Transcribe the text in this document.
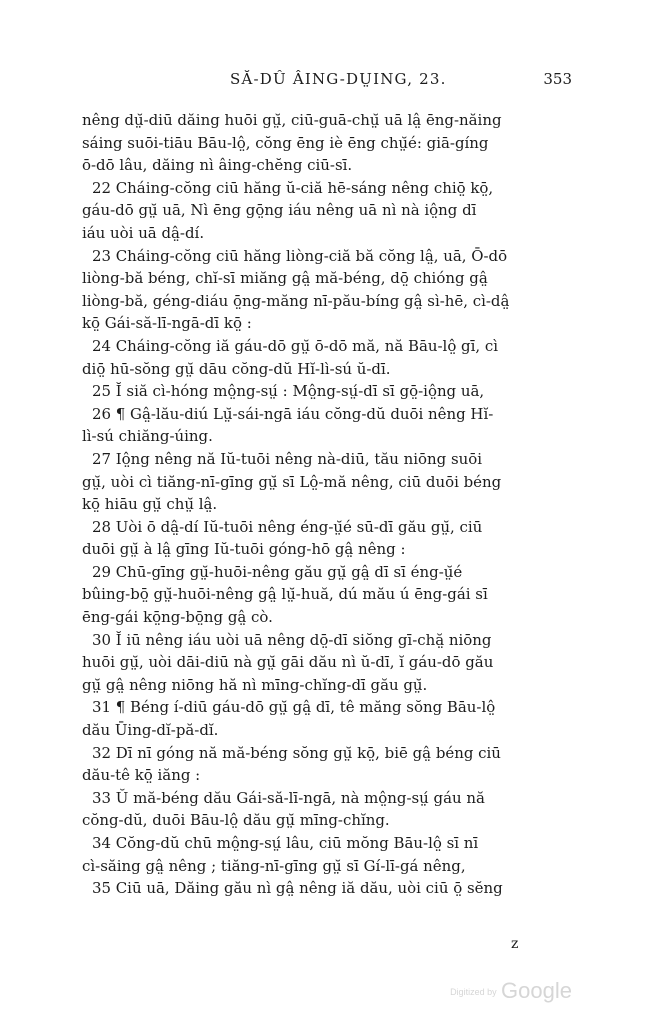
SĂ-DÛ ÂING-DṲING, 23.	353
nêng dṳ̆-diū dăing huōi gṳ̆, ciū-guā-chṳ̆ uā lâ̤ ēng-năing
sáing suōi-tiāu Bāu-lô̤, cŏng ēng iè ēng chṳ̆é: giā-gíng
ō-dō lâu, dăing nì âing-chĕng ciū-sī.
22 Cháing-cŏng ciū hăng ŭ-ciă hē-sáng nêng chiō̤ kō̤,
gáu-dō gṳ̆ uā, Nì ēng gō̤ng iáu nêng uā nì nà iô̤ng dī
iáu uòi uā dâ̤-dí.
23 Cháing-cŏng ciū hăng liòng-ciă bă cŏng lâ̤, uā, Ō-dō
liòng-bă béng, chĭ-sī miăng gâ̤ mă-béng, dō̤ chióng gâ̤
liòng-bă, géng-diáu ō̤ng-măng nī-pău-bíng gâ̤ sì-hē, cì-dâ̤
kō̤ Gái-să-lī-ngā-dī kō̤ :
24 Cháing-cŏng iă gáu-dō gṳ̆ ō-dō mă, nă Bāu-lô̤ gī, cì
diō̤ hū-sŏng gṳ̆ dāu cŏng-dŭ Hĭ-lì-sú ŭ-dī.
25 Ĭ siă cì-hóng mô̤ng-sṳ́ : Mô̤ng-sṳ́-dī sī gō̤-iô̤ng uā,
26 ¶ Gâ̤-lău-diú Lṳ̆-sái-ngā iáu cŏng-dŭ duōi nêng Hĭ-
lì-sú chiăng-úing.
27 Iô̤ng nêng nă Iŭ-tuōi nêng nà-diū, tău niōng suōi
gṳ̆, uòi cì tiăng-nī-gīng gṳ̆ sī Lô̤-mă nêng, ciū duōi béng
kō̤ hiāu gṳ̆ chṳ̆ lâ̤.
28 Uòi ō dâ̤-dí Iŭ-tuōi nêng éng-ṳ̆é sū-dī gău gṳ̆, ciū
duōi gṳ̆ à lâ̤ gīng Iŭ-tuōi góng-hō gâ̤ nêng :
29 Chū-gīng gṳ̆-huōi-nêng gău gṳ̆ gâ̤ dī sī éng-ṳ̆é
bûing-bō̤ gṳ̆-huōi-nêng gâ̤ lṳ̆-huă, dú mău ú ēng-gái sī
ēng-gái kō̤ng-bō̤ng gâ̤ cò.
30 Ĭ iū nêng iáu uòi uā nêng dō̤-dī siŏng gī-chă̤ niōng
huōi gṳ̆, uòi dāi-diū nà gṳ̆ gāi dău nì ŭ-dī, ĭ gáu-dō gău
gṳ̆ gâ̤ nêng niōng hă nì mīng-chĭng-dī gău gṳ̆.
31 ¶ Béng í-diū gáu-dō gṳ̆ gâ̤ dī, tê măng sŏng Bāu-lô̤
dău Ūing-dĭ-pă-dĭ.
32 Dī nī góng nă mă-béng sŏng gṳ̆ kō̤, biē gâ̤ béng ciū
dău-tê kō̤ iăng :
33 Ŭ mă-béng dău Gái-să-lī-ngā, nà mô̤ng-sṳ́ gáu nă
cŏng-dŭ, duōi Bāu-lô̤ dău gṳ̆ mīng-chĭng.
34 Cŏng-dŭ chū mô̤ng-sṳ́ lâu, ciū mŏng Bāu-lô̤ sī nī
cì-săing gâ̤ nêng ; tiăng-nī-gīng gṳ̆ sī Gí-lī-gá nêng,
35 Ciū uā, Dăing gău nì gâ̤ nêng iă dău, uòi ciū ō̤ sĕng
z
Digitized by Google
